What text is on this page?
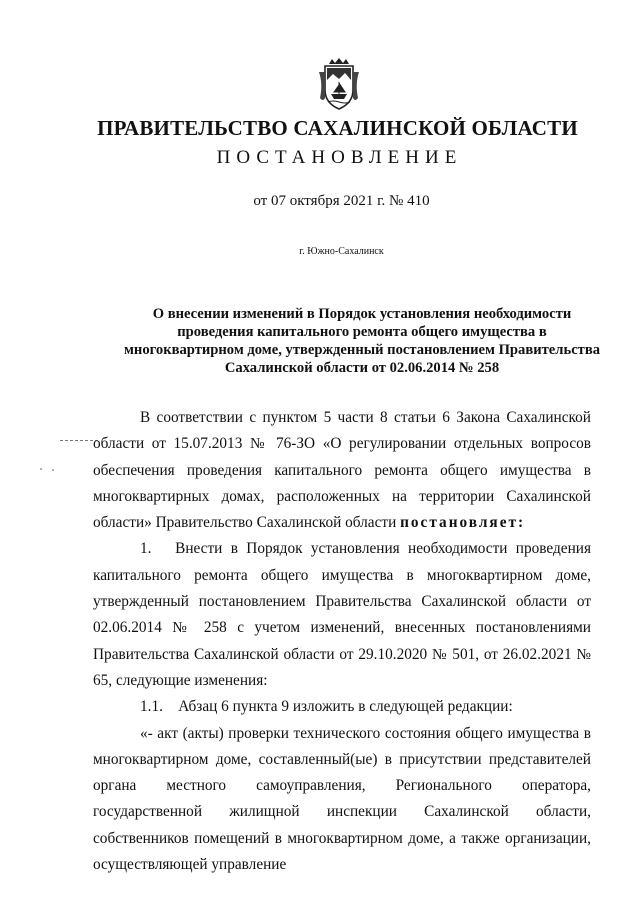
ПРАВИТЕЛЬСТВО САХАЛИНСКОЙ ОБЛАСТИ
ПОСТАНОВЛЕНИЕ
от 07 октября 2021 г. № 410
г. Южно-Сахалинск
О внесении изменений в Порядок установления необходимости
проведения капитального ремонта общего имущества в
многоквартирном доме, утвержденный постановлением Правительства
Сахалинской области от 02.06.2014 № 258

В соответствии с пунктом 5 части 8 статьи 6 Закона Сахалинской области от 15.07.2013 № 76-ЗО «О регулировании отдельных вопросов обеспечения проведения капитального ремонта общего имущества в многоквартирных домах, расположенных на территории Сахалинской области» Правительство Сахалинской области постановляет:

1.  Внести в Порядок установления необходимости проведения капитального ремонта общего имущества в многоквартирном доме, утвержденный постановлением Правительства Сахалинской области от 02.06.2014 № 258 с учетом изменений, внесенных постановлениями Правительства Сахалинской области от 29.10.2020 № 501, от 26.02.2021 № 65, следующие изменения:

1.1. Абзац 6 пункта 9 изложить в следующей редакции:

«- акт (акты) проверки технического состояния общего имущества в многоквартирном доме, составленный(ые) в присутствии представителей органа местного самоуправления, Регионального оператора, государственной жилищной инспекции Сахалинской области, собственников помещений в многоквартирном доме, а также организации, осуществляющей управление
